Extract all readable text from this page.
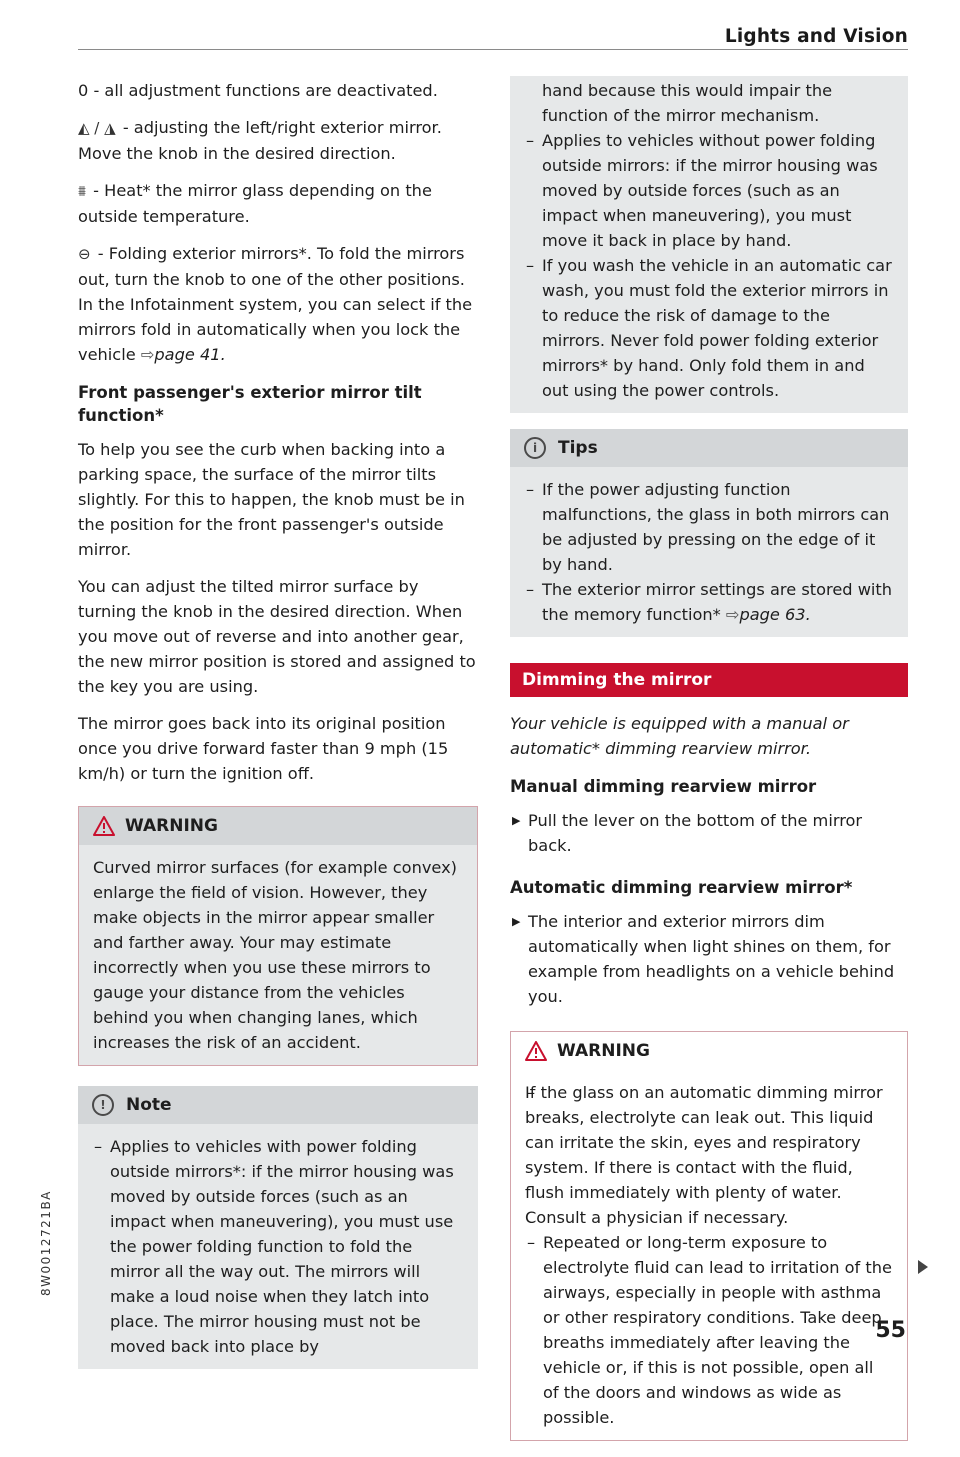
Lights and Vision

0 - all adjustment functions are deactivated.

◭ / ◮ - adjusting the left/right exterior mirror. Move the knob in the desired direction.

⩩ - Heat* the mirror glass depending on the outside temperature.

⊖ - Folding exterior mirrors*. To fold the mirrors out, turn the knob to one of the other positions. In the Infotainment system, you can select if the mirrors fold in automatically when you lock the vehicle ⇨page 41.

Front passenger's exterior mirror tilt function*

To help you see the curb when backing into a parking space, the surface of the mirror tilts slightly. For this to happen, the knob must be in the position for the front passenger's outside mirror.

You can adjust the tilted mirror surface by turning the knob in the desired direction. When you move out of reverse and into another gear, the new mirror position is stored and assigned to the key you are using.

The mirror goes back into its original position once you drive forward faster than 9 mph (15 km/h) or turn the ignition off.

WARNING
Curved mirror surfaces (for example convex) enlarge the field of vision. However, they make objects in the mirror appear smaller and farther away. Your may estimate incorrectly when you use these mirrors to gauge your distance from the vehicles behind you when changing lanes, which increases the risk of an accident.
!	Note
– Applies to vehicles with power folding outside mirrors*: if the mirror housing was moved by outside forces (such as an impact when maneuvering), you must use the power folding function to fold the mirror all the way out. The mirrors will make a loud noise when they latch into place. The mirror housing must not be moved back into place by
hand because this would impair the function of the mirror mechanism.
– Applies to vehicles without power folding outside mirrors: if the mirror housing was moved by outside forces (such as an impact when maneuvering), you must move it back in place by hand.
– If you wash the vehicle in an automatic car wash, you must fold the exterior mirrors in to reduce the risk of damage to the mirrors. Never fold power folding exterior mirrors* by hand. Only fold them in and out using the power controls.
i	Tips
– If the power adjusting function malfunctions, the glass in both mirrors can be adjusted by pressing on the edge of it by hand.
– The exterior mirror settings are stored with the memory function* ⇨page 63.
Dimming the mirror

Your vehicle is equipped with a manual or automatic* dimming rearview mirror.

Manual dimming rearview mirror

▶ Pull the lever on the bottom of the mirror back.

Automatic dimming rearview mirror*

▶ The interior and exterior mirrors dim automatically when light shines on them, for example from headlights on a vehicle behind you.

WARNING
– If the glass on an automatic dimming mirror breaks, electrolyte can leak out. This liquid can irritate the skin, eyes and respiratory system. If there is contact with the fluid, flush immediately with plenty of water. Consult a physician if necessary.
– Repeated or long-term exposure to electrolyte fluid can lead to irritation of the airways, especially in people with asthma or other respiratory conditions. Take deep breaths immediately after leaving the vehicle or, if this is not possible, open all of the doors and windows as wide as possible.
55
8W0012721BA
